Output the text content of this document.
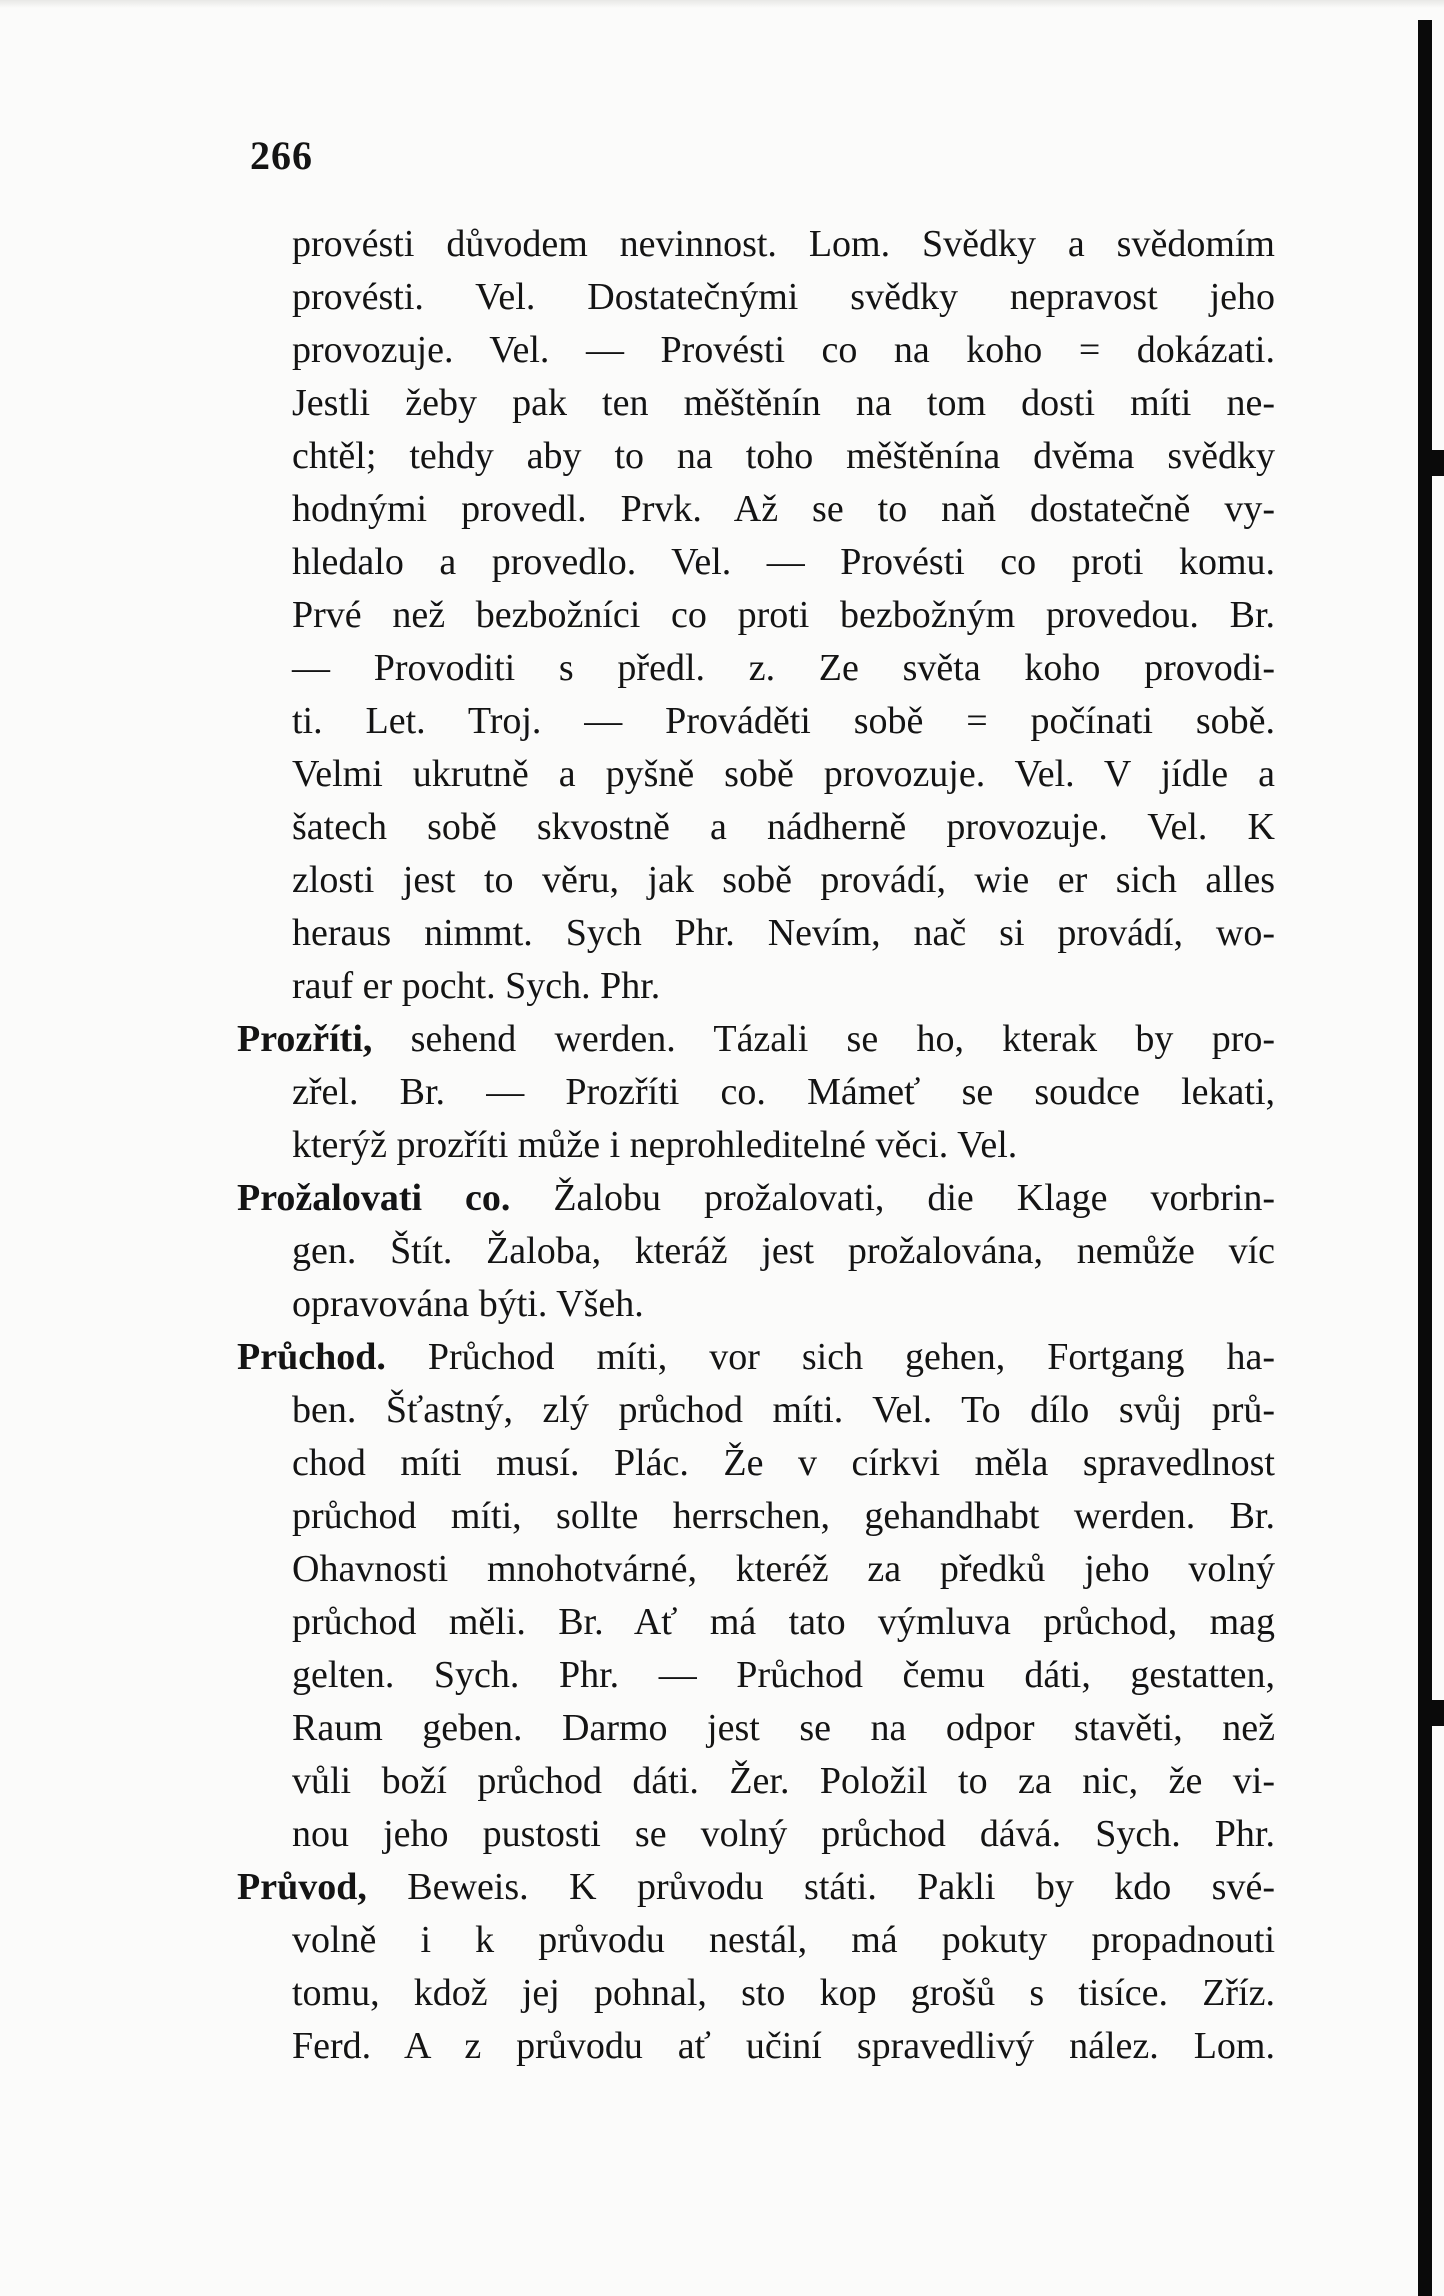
266
provésti důvodem nevinnost. Lom. Svědky a svědomím
provésti. Vel. Dostatečnými svědky nepravost jeho
provozuje. Vel. — Provésti co na koho = dokázati.
Jestli žeby pak ten měštěnín na tom dosti míti ne-
chtěl; tehdy aby to na toho měštěnína dvěma svědky
hodnými provedl. Prvk. Až se to naň dostatečně vy-
hledalo a provedlo. Vel. — Provésti co proti komu.
Prvé než bezbožníci co proti bezbožným provedou. Br.
— Provoditi s předl. z. Ze světa koho provodi-
ti. Let. Troj. — Prováděti sobě = počínati sobě.
Velmi ukrutně a pyšně sobě provozuje. Vel. V jídle a
šatech sobě skvostně a nádherně provozuje. Vel. K
zlosti jest to věru, jak sobě provádí, wie er sich alles
heraus nimmt. Sych Phr. Nevím, nač si provádí, wo-
rauf er pocht. Sych. Phr.
Prozříti, sehend werden. Tázali se ho, kterak by pro-
zřel. Br. — Prozříti co. Mámeť se soudce lekati,
kterýž prozříti může i neprohleditelné věci. Vel.
Prožalovati co. Žalobu prožalovati, die Klage vorbrin-
gen. Štít. Žaloba, kteráž jest prožalována, nemůže víc
opravována býti. Všeh.
Průchod. Průchod míti, vor sich gehen, Fortgang ha-
ben. Šťastný, zlý průchod míti. Vel. To dílo svůj prů-
chod míti musí. Plác. Že v církvi měla spravedlnost
průchod míti, sollte herrschen, gehandhabt werden. Br.
Ohavnosti mnohotvárné, kteréž za předků jeho volný
průchod měli. Br. Ať má tato výmluva průchod, mag
gelten. Sych. Phr. — Průchod čemu dáti, gestatten,
Raum geben. Darmo jest se na odpor stavěti, než
vůli boží průchod dáti. Žer. Položil to za nic, že vi-
nou jeho pustosti se volný průchod dává. Sych. Phr.
Průvod, Beweis. K průvodu státi. Pakli by kdo své-
volně i k průvodu nestál, má pokuty propadnouti
tomu, kdož jej pohnal, sto kop grošů s tisíce. Zříz.
Ferd. A z průvodu ať učiní spravedlivý nález. Lom.
